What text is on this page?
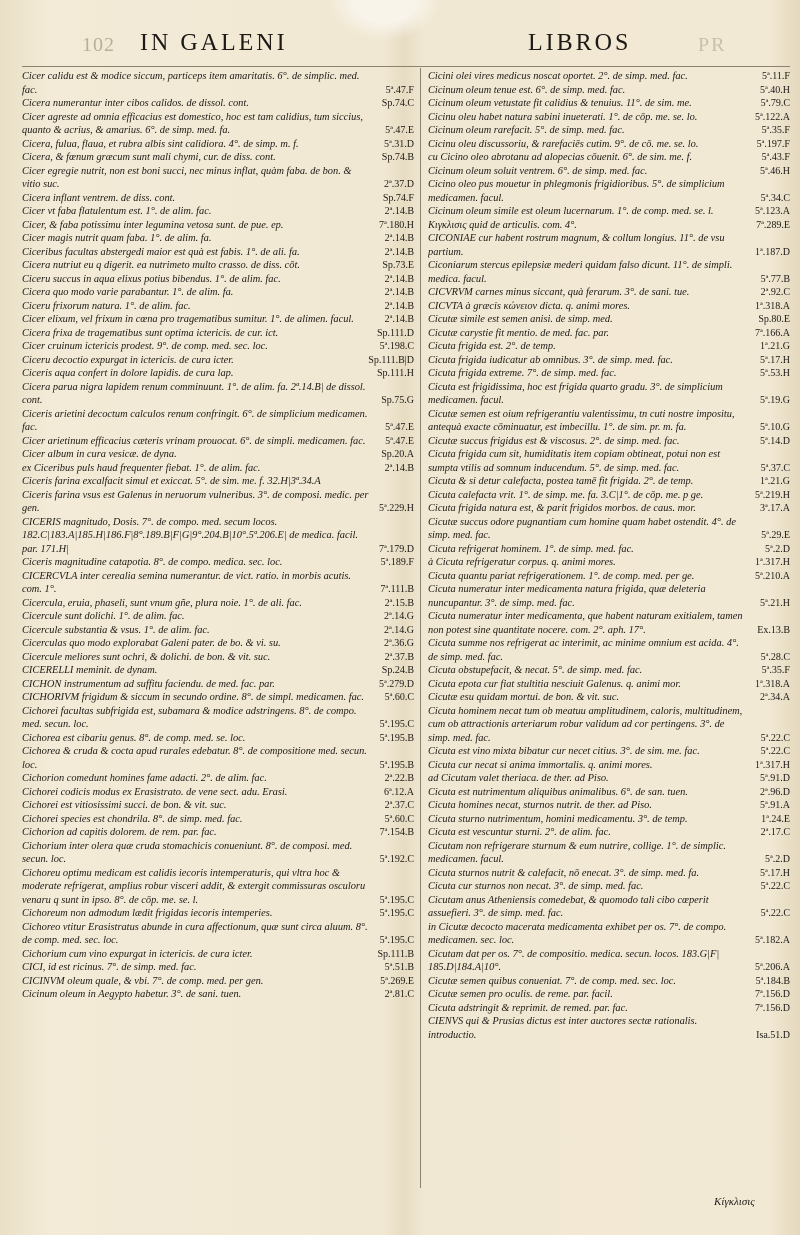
102 IN GALENI	LIBROS	PR

Cicer calidu est & modice siccum, particeps item amaritatis. 6°. de simplic. med. fac.	5ª.47.F

Cicera numerantur inter cibos calidos. de dissol. cont.	Sp.74.C

Cicer agreste ad omnia efficacius est domestico, hoc est tam calidius, tum siccius, quanto & acrius, & amarius. 6°. de simp. med. fa.	5ª.47.E

Cicera, fulua, flaua, et rubra albis sint calidiora. 4°. de simp. m. f.	5ª.31.D

Cicera, & fœnum græcum sunt mali chymi, cur. de diss. cont.	Sp.74.B

Cicer egregie nutrit, non est boni succi, nec minus inflat, quàm faba. de bon. & vitio suc.	2ª.37.D

Cicera inflant ventrem. de diss. cont.	Sp.74.F

Cicer vt faba flatulentum est. 1°. de alim. fac.	2ª.14.B

Cicer, & faba potissimu inter legumina vetosa sunt. de pue. ep.	7ª.180.H

Cicer magis nutrit quam faba. 1°. de alim. fa.	2ª.14.B

Ciceribus facultas abstergedi maior est quà est fabis. 1°. de ali. fa.	2ª.14.B

Cicera nutriut eu q digerit. ea nutrimeto multo crasso. de diss. cōt.	Sp.73.E

Ciceru succus in aqua elixus potius bibendus. 1°. de alim. fac.	2ª.14.B

Cicera quo modo varie parabantur. 1°. de alim. fa.	2ª.14.B

Ciceru frixorum natura. 1°. de alim. fac.	2ª.14.B

Cicer elixum, vel frixum in cœna pro tragematibus sumitur. 1°. de alimen. facul.	2ª.14.B

Cicera frixa de tragematibus sunt optima ictericis. de cur. ict.	Sp.111.D

Cicer cruinum ictericis prodest. 9°. de comp. med. sec. loc.	5ª.198.C

Ciceru decoctio expurgat in ictericis. de cura icter.	Sp.111.B|D

Ciceris aqua confert in dolore lapidis. de cura lap.	Sp.111.H

Cicera parua nigra lapidem renum comminuunt. 1°. de alim. fa. 2ª.14.B| de dissol. cont.	Sp.75.G

Ciceris arietini decoctum calculos renum confringit. 6°. de simplicium medicamen. fac.	5ª.47.E

Cicer arietinum efficacius cæteris vrinam prouocat. 6°. de simpli. medicamen. fac. 5ª.47.E

Cicer album in cura vesicæ. de dyna.	Sp.20.A

ex Ciceribus puls haud frequenter fiebat. 1°. de alim. fac.	2ª.14.B

Ciceris farina excalfacit simul et exiccat. 5°. de sim. me. f. 32.H|3ª.34.A

Ciceris farina vsus est Galenus in neruorum vulneribus. 3°. de composi. medic. per gen.	5ª.229.H

CICERIS magnitudo, Dosis. 7°. de compo. med. secum locos. 182.C|183.A|185.H|186.F|8°.189.B|F|G|9°.204.B|10°.5ª.206.E| de medica. facil. par. 171.H|	7ª.179.D

Ciceris magnitudine catapotia. 8°. de compo. medica. sec. loc.	5ª.189.F

CICERCVLA inter cerealia semina numerantur. de vict. ratio. in morbis acutis. com. 1°.	7ª.111.B

Cicercula, eruia, phaseli, sunt vnum gñe, plura noie. 1°. de ali. fac.	2ª.15.B

Cicercule sunt dolichi. 1°. de alim. fac.	2ª.14.G

Cicercule substantia & vsus. 1°. de alim. fac.	2ª.14.G

Cicerculas quo modo explorabat Galeni pater. de bo. & vi. su.	2ª.36.G

Cicercule meliores sunt ochri, & dolichi. de bon. & vit. suc.	2ª.37.B

CICERELLI meminit. de dynam.	Sp.24.B

CICHON instrumentum ad suffitu faciendu. de med. fac. par.	5ª.279.D

CICHORIVM frigidum & siccum in secundo ordine. 8°. de simpl. medicamen. fac. 5ª.60.C

Cichorei facultas subfrigida est, subamara & modice adstringens. 8°. de compo. med. secun. loc.	5ª.195.C

Cichorea est cibariu genus. 8°. de comp. med. se. loc.	5ª.195.B

Cichorea & cruda & cocta apud rurales edebatur. 8°. de compositione med. secun. loc.	5ª.195.B

Cichorion comedunt homines fame adacti. 2°. de alim. fac.	2ª.22.B

Cichorei codicis modus ex Erasistrato. de vene sect. adu. Erasi.	6ª.12.A

Cichorei est vitiosissimi succi. de bon. & vit. suc.	2ª.37.C

Cichorei species est chondrila. 8°. de simp. med. fac.	5ª.60.C

Cichorion ad capitis dolorem. de rem. par. fac.	7ª.154.B

Cichorium inter olera quæ cruda stomachicis conueniunt. 8°. de composi. med. secun. loc.	5ª.192.C

Cichoreu optimu medicam est calidis iecoris intemperaturis, qui vltra hoc & moderate refrigerat, amplius robur visceri addit, & extergit commissuras osculoru venaru q sunt in ipso. 8°. de cōp. me. se. l.	5ª.195.C

Cichoreum non admodum lædit frigidas iecoris intemperies.	5ª.195.C

Cichoreo vtitur Erasistratus abunde in cura affectionum, quæ sunt circa aluum. 8°. de comp. med. sec. loc.	5ª.195.C

Cichorium cum vino expurgat in ictericis. de cura icter.	Sp.111.B

CICI, id est ricinus. 7°. de simp. med. fac.	5ª.51.B

CICINVM oleum quale, & vbi. 7°. de comp. med. per gen.	5ª.269.E

Cicinum oleum in Aegypto habetur. 3°. de sani. tuen.	2ª.81.C

Cicini olei vires medicus noscat oportet. 2°. de simp. med. fac.	5ª.11.F

Cicinum oleum tenue est. 6°. de simp. med. fac.	5ª.40.H

Cicinum oleum vetustate fit calidius & tenuius. 11°. de sim. me.	5ª.79.C

Cicinu oleu habet natura sabini inueterati. 1°. de cōp. me. se. lo.	5ª.122.A

Cicinum oleum rarefacit. 5°. de simp. med. fac.	5ª.35.F

Cicinu oleu discussoriu, & rarefaciēs cutim. 9°. de cō. me. se. lo.	5ª.197.F

cu Cicino oleo abrotanu ad alopecias cōuenit. 6°. de sim. me. f.	5ª.43.F

Cicinum oleum soluit ventrem. 6°. de simp. med. fac.	5ª.46.H

Cicino oleo pus mouetur in phlegmonis frigidioribus. 5°. de simplicium medicamen. facul.	5ª.34.C

Cicinum oleum simile est oleum lucernarum. 1°. de comp. med. se. l.	5ª.123.A

Κιγκλισις quid de articulis. com. 4°.	7ª.289.E

CICONIAE cur habent rostrum magnum, & collum longius. 11°. de vsu partium.	1ª.187.D

Ciconiarum stercus epilepsiæ mederi quidam falso dicunt. 11°. de simpli. medica. facul.	5ª.77.B

CICVRVM carnes minus siccant, quà ferarum. 3°. de sani. tue.	2ª.92.C

CICVTA à græcis κώνειον dicta. q. animi mores.	1ª.318.A

Cicutæ simile est semen anisi. de simp. med.	Sp.80.E

Cicutæ carystie fit mentio. de med. fac. par.	7ª.166.A

Cicuta frigida est. 2°. de temp.	1ª.21.G

Cicuta frigida iudicatur ab omnibus. 3°. de simp. med. fac.	5ª.17.H

Cicuta frigida extreme. 7°. de simp. med. fac.	5ª.53.H

Cicuta est frigidissima, hoc est frigida quarto gradu. 3°. de simplicium medicamen. facul.	5ª.19.G

Cicutæ semen est oium refrigerantiu valentissimu, tn cuti nostre impositu, antequà exacte cōminuatur, est imbecillu. 1°. de sim. pr. m. fa.	5ª.10.G

Cicutæ succus frigidus est & viscosus. 2°. de simp. med. fac.	5ª.14.D

Cicuta frigida cum sit, humiditatis item copiam obtineat, potui non est sumpta vtilis ad somnum inducendum. 5°. de simp. med. fac.	5ª.37.C

Cicuta & si detur calefacta, postea tamē fit frigida. 2°. de temp.	1ª.21.G

Cicuta calefacta vrit. 1°. de simp. me. fa. 3.C|1°. de cōp. me. p ge.	5ª.219.H

Cicuta frigida natura est, & parit frigidos morbos. de caus. mor.	3ª.17.A

Cicutæ succus odore pugnantiam cum homine quam habet ostendit. 4°. de simp. med. fac.	5ª.29.E

Cicuta refrigerat hominem. 1°. de simp. med. fac.	5ª.2.D

à Cicuta refrigeratur corpus. q. animi mores.	1ª.317.H

Cicuta quantu pariat refrigerationem. 1°. de comp. med. per ge.	5ª.210.A

Cicuta numeratur inter medicamenta natura frigida, quæ deleteria nuncupantur. 3°. de simp. med. fac.	5ª.21.H

Cicuta numeratur inter medicamenta, que habent naturam exitialem, tamen non potest sine quantitate nocere. com. 2°. aph. 17°.	Ex.13.B

Cicuta summe nos refrigerat ac interimit, ac minime omnium est acida. 4°. de simp. med. fac.	5ª.28.C

Cicuta obstupefacit, & necat. 5°. de simp. med. fac.	5ª.35.F

Cicuta epota cur fiat stultitia nesciuit Galenus. q. animi mor.	1ª.318.A

Cicutæ esu quidam mortui. de bon. & vit. suc.	2ª.34.A

Cicuta hominem necat tum ob meatuu amplitudinem, caloris, multitudinem, cum ob attractionis arteriarum robur validum ad cor pertingens. 3°. de simp. med. fac.	5ª.22.C

Cicuta est vino mixta bibatur cur necet citius. 3°. de sim. me. fac.	5ª.22.C

Cicuta cur necat si anima immortalis. q. animi mores.	1ª.317.H

ad Cicutam valet theriaca. de ther. ad Piso.	5ª.91.D

Cicuta est nutrimentum aliquibus animalibus. 6°. de san. tuen.	2ª.96.D

Cicuta homines necat, sturnos nutrit. de ther. ad Piso.	5ª.91.A

Cicuta sturno nutrimentum, homini medicamentu. 3°. de temp.	1ª.24.E

Cicuta est vescuntur sturni. 2°. de alim. fac.	2ª.17.C

Cicutam non refrigerare sturnum & eum nutrire, collige. 1°. de simplic. medicamen. facul.	5ª.2.D

Cicuta sturnos nutrit & calefacit, nō enecat. 3°. de simp. med. fa.	5ª.17.H

Cicuta cur sturnos non necat. 3°. de simp. med. fac.	5ª.22.C

Cicutam anus Atheniensis comedebat, & quomodo tali cibo cœperit assuefieri. 3°. de simp. med. fac.	5ª.22.C

in Cicutæ decocto macerata medicamenta exhibet per os. 7°. de compo. medicamen. sec. loc.	5ª.182.A

Cicutam dat per os. 7°. de compositio. medica. secun. locos. 183.G|F| 185.D|184.A|10°.	5ª.206.A

Cicutæ semen quibus conueniat. 7°. de comp. med. sec. loc.	5ª.184.B

Cicutæ semen pro oculis. de reme. par. facil.	7ª.156.D

Cicuta adstringit & reprimit. de remed. par. fac.	7ª.156.D

CIENVS qui & Prusias dictus est inter auctores sectæ rationalis. introductio.	Isa.51.D

Κίγκλισις
